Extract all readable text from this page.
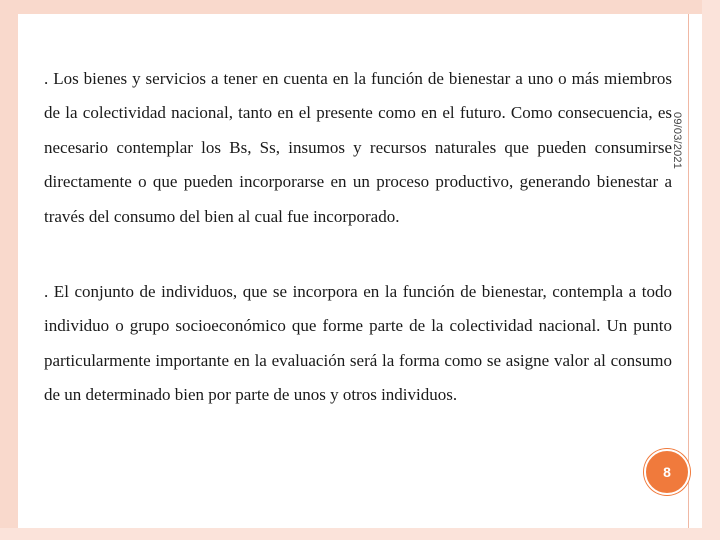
09/03/2021

. Los bienes y servicios a tener en cuenta en la función de bienestar a uno o más miembros de la colectividad nacional, tanto en el presente como en el futuro. Como consecuencia, es necesario contemplar los Bs, Ss, insumos y recursos naturales que pueden consumirse directamente o que pueden incorporarse en un proceso productivo, generando bienestar a través del consumo del bien al cual fue incorporado.

. El conjunto de individuos, que se incorpora en la función de bienestar, contempla a todo individuo o grupo socioeconómico que forme parte de la colectividad nacional. Un punto particularmente importante en la evaluación será la forma como se asigne valor al consumo de un determinado bien por parte de unos y otros individuos.

8
